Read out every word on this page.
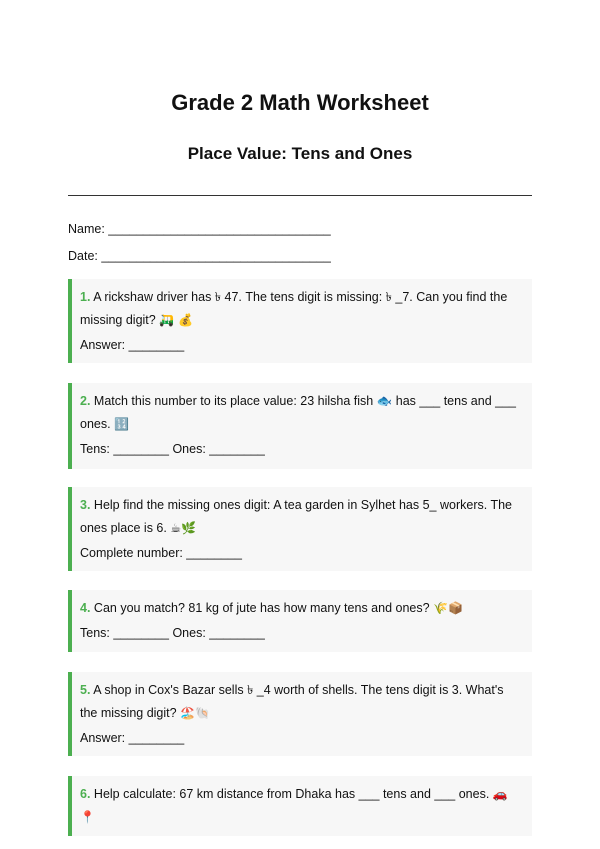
Grade 2 Math Worksheet
Place Value: Tens and Ones
Name: ________________________________
Date: _________________________________

1. A rickshaw driver has ৳ 47. The tens digit is missing: ৳ _7. Can you find the missing digit? 🛺 💰

Answer: ________

2. Match this number to its place value: 23 hilsha fish 🐟 has ___ tens and ___ ones. 🔢

Tens: ________ Ones: ________

3. Help find the missing ones digit: A tea garden in Sylhet has 5_ workers. The ones place is 6. ☕🌿

Complete number: ________

4. Can you match? 81 kg of jute has how many tens and ones? 🌾📦

Tens: ________ Ones: ________

5. A shop in Cox's Bazar sells ৳ _4 worth of shells. The tens digit is 3. What's the missing digit? 🏖️🐚

Answer: ________

6. Help calculate: 67 km distance from Dhaka has ___ tens and ___ ones. 🚗📍
